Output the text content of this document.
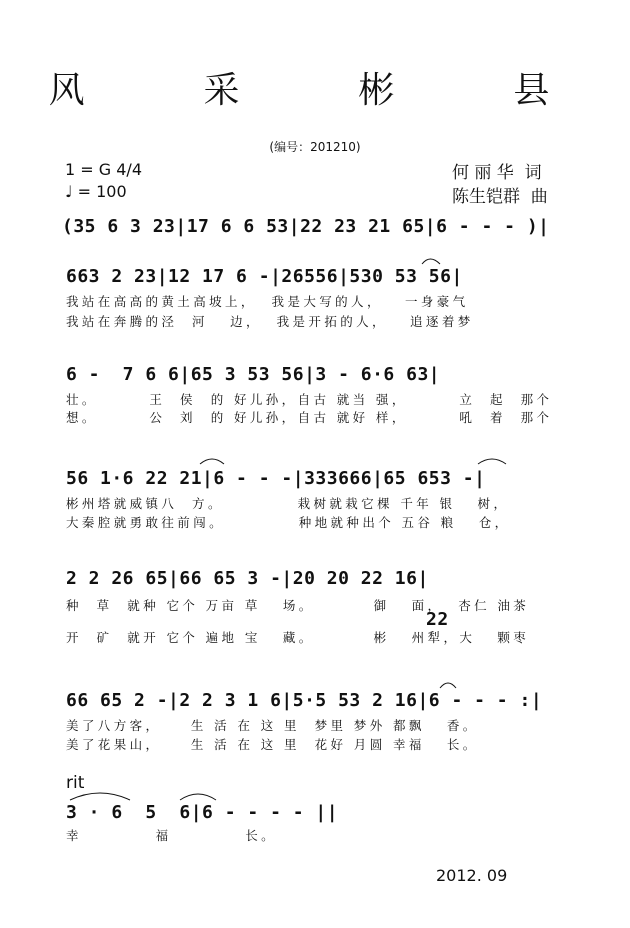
风  采  彬  县
(编号：201210)
1 = G 4/4
♩ = 100
何 丽 华  词
陈生铠群  曲
(35 6 3 23|17 6 6 53|22 23 21 65|6 - - - )|
663 2 23|12 17 6 -|26556|530 53 56|
我站在高高的黄土高坡上，  我是大写的人，   一身豪气
我站在奔腾的泾  河   边，  我是开拓的人，   追逐着梦
6 -  7 6 6|65 3 53 56|3 - 6·6 63|
壮。       王  侯  的 好儿孙，自古 就当 强，       立  起  那个
想。       公  刘  的 好儿孙，自古 就好 样，       吼  着  那个
56 1·6 22 21|6 - - -|333666|65 653 -|
彬州塔就威镇八  方。          栽树就栽它棵 千年 银   树，
大秦腔就勇敢往前闯。          种地就种出个 五谷 粮   仓，
2 2 26 65|66 65 3 -|20 20 22 16|
种  草  就种 它个 万亩 草   场。        御   面，  杏仁 油茶
22
开  矿  就开 它个 遍地 宝   藏。        彬   州犁，大   颗枣
66 65 2 -|2 2 3 1 6|5·5 53 2 16|6 - - - :|
美了八方客，    生 活 在 这 里  梦里 梦外 都飘   香。
美了花果山，    生 活 在 这 里  花好 月圆 幸福   长。
rit
3 · 6  5  6|6 - - - - ||
幸          福          长。
2012. 09
